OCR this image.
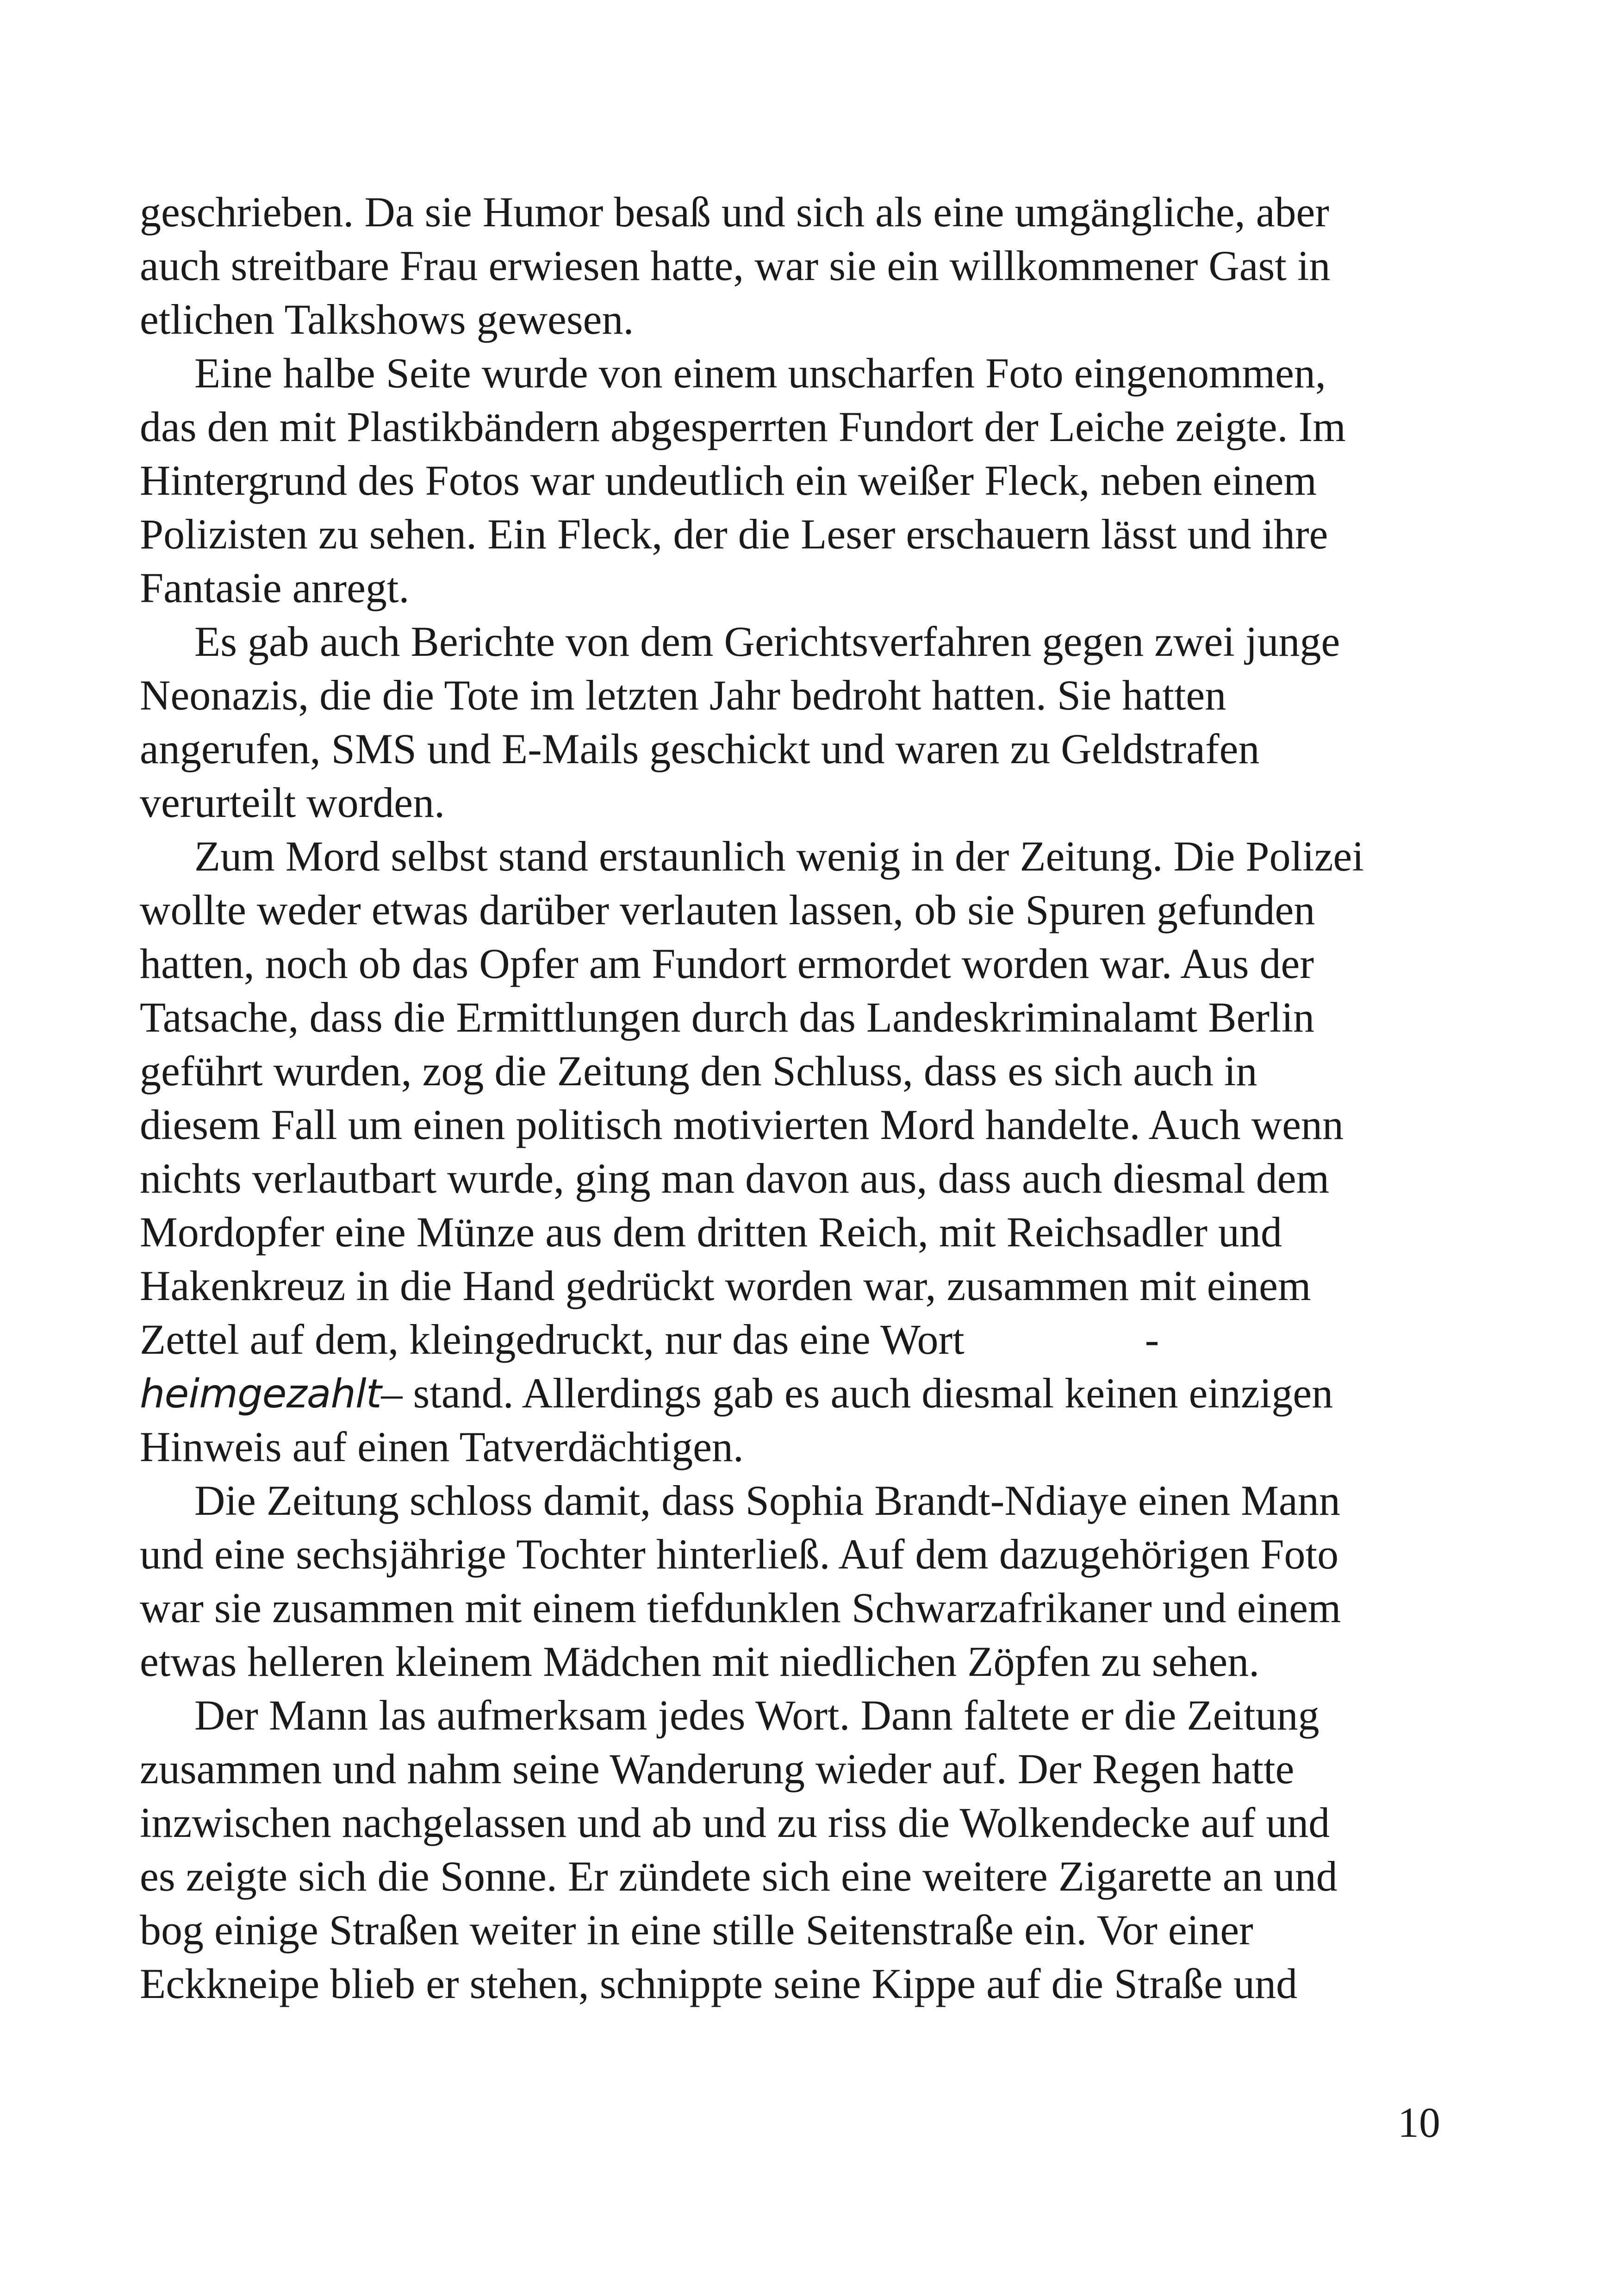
geschrieben. Da sie Humor besaß und sich als eine umgängliche, aber
auch streitbare Frau erwiesen hatte, war sie ein willkommener Gast in
etlichen Talkshows gewesen.
Eine halbe Seite wurde von einem unscharfen Foto eingenommen,
das den mit Plastikbändern abgesperrten Fundort der Leiche zeigte. Im
Hintergrund des Fotos war undeutlich ein weißer Fleck, neben einem
Polizisten zu sehen. Ein Fleck, der die Leser erschauern lässt und ihre
Fantasie anregt.
Es gab auch Berichte von dem Gerichtsverfahren gegen zwei junge
Neonazis, die die Tote im letzten Jahr bedroht hatten. Sie hatten
angerufen, SMS und E-Mails geschickt und waren zu Geldstrafen
verurteilt worden.
Zum Mord selbst stand erstaunlich wenig in der Zeitung. Die Polizei
wollte weder etwas darüber verlauten lassen, ob sie Spuren gefunden
hatten, noch ob das Opfer am Fundort ermordet worden war. Aus der
Tatsache, dass die Ermittlungen durch das Landeskriminalamt Berlin
geführt wurden, zog die Zeitung den Schluss, dass es sich auch in
diesem Fall um einen politisch motivierten Mord handelte. Auch wenn
nichts verlautbart wurde, ging man davon aus, dass auch diesmal dem
Mordopfer eine Münze aus dem dritten Reich, mit Reichsadler und
Hakenkreuz in die Hand gedrückt worden war, zusammen mit einem
Zettel auf dem, kleingedruckt, nur das eine Wort	-
heimgezahlt– stand. Allerdings gab es auch diesmal keinen einzigen
Hinweis auf einen Tatverdächtigen.
Die Zeitung schloss damit, dass Sophia Brandt-Ndiaye einen Mann
und eine sechsjährige Tochter hinterließ. Auf dem dazugehörigen Foto
war sie zusammen mit einem tiefdunklen Schwarzafrikaner und einem
etwas helleren kleinem Mädchen mit niedlichen Zöpfen zu sehen.
Der Mann las aufmerksam jedes Wort. Dann faltete er die Zeitung
zusammen und nahm seine Wanderung wieder auf. Der Regen hatte
inzwischen nachgelassen und ab und zu riss die Wolkendecke auf und
es zeigte sich die Sonne. Er zündete sich eine weitere Zigarette an und
bog einige Straßen weiter in eine stille Seitenstraße ein. Vor einer
Eckkneipe blieb er stehen, schnippte seine Kippe auf die Straße und
10
